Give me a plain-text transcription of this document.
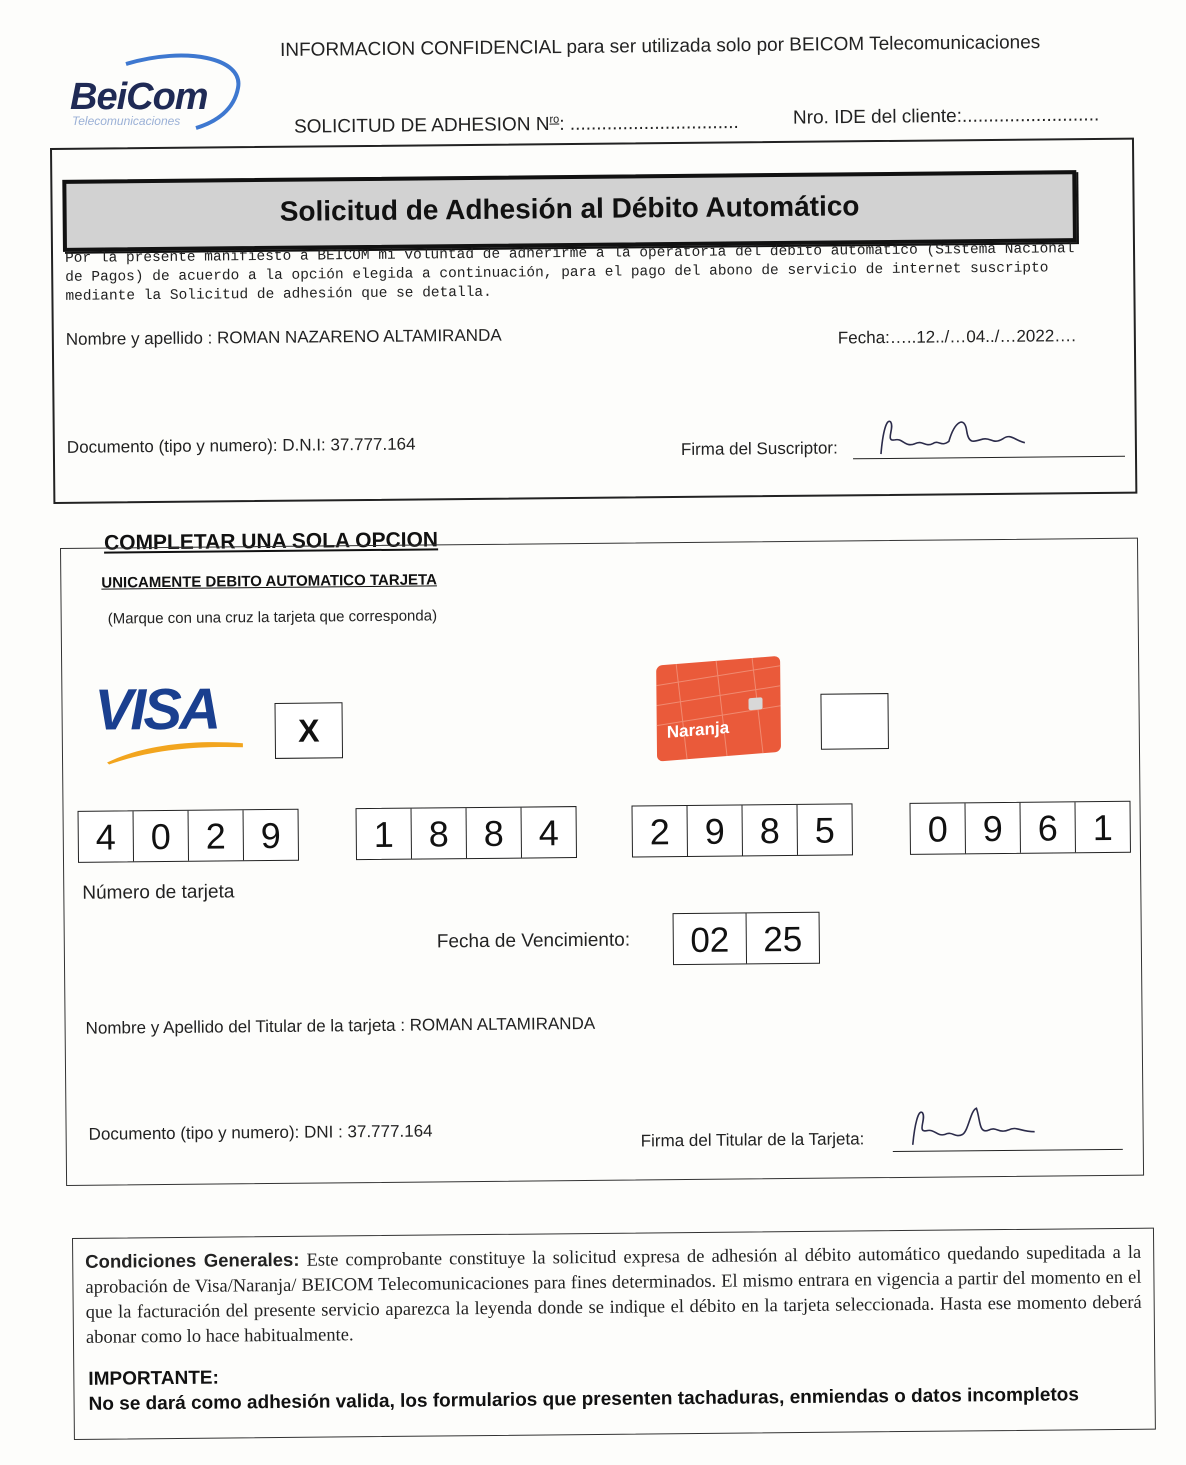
BeiCom
Telecomunicaciones
INFORMACION CONFIDENCIAL para ser utilizada solo por BEICOM Telecomunicaciones
SOLICITUD DE ADHESION $N^{ro}$: ................................	Nro. IDE del cliente:..........................
Solicitud de Adhesión al Débito Automático
Por la presente manifiesto a BEICOM mi voluntad de adherirme a la operatoria del débito automático (Sistema Nacional de Pagos) de acuerdo a la opción elegida a continuación, para el pago del abono de servicio de internet suscripto mediante la Solicitud de adhesión que se detalla.
Nombre y apellido : ROMAN NAZARENO ALTAMIRANDA	Fecha:…..12../…04../…2022….
Documento (tipo y numero): D.N.I: 37.777.164	Firma del Suscriptor:
COMPLETAR UNA SOLA OPCION
UNICAMENTE DEBITO AUTOMATICO TARJETA
(Marque con una cruz la tarjeta que corresponda)
VISA	X	Naranja
4 0 2 9	1 8 8 4	2 9 8 5	0 9 6 1
Número de tarjeta
Fecha de Vencimiento:	02 25
Nombre y Apellido del Titular de la tarjeta : ROMAN ALTAMIRANDA
Documento (tipo y numero): DNI : 37.777.164	Firma del Titular de la Tarjeta:
Condiciones Generales: Este comprobante constituye la solicitud expresa de adhesión al débito automático quedando supeditada a la aprobación de Visa/Naranja/ BEICOM Telecomunicaciones para fines determinados. El mismo entrara en vigencia a partir del momento en el que la facturación del presente servicio aparezca la leyenda donde se indique el débito en la tarjeta seleccionada. Hasta ese momento deberá abonar como lo hace habitualmente.
IMPORTANTE:
No se dará como adhesión valida, los formularios que presenten tachaduras, enmiendas o datos incompletos
